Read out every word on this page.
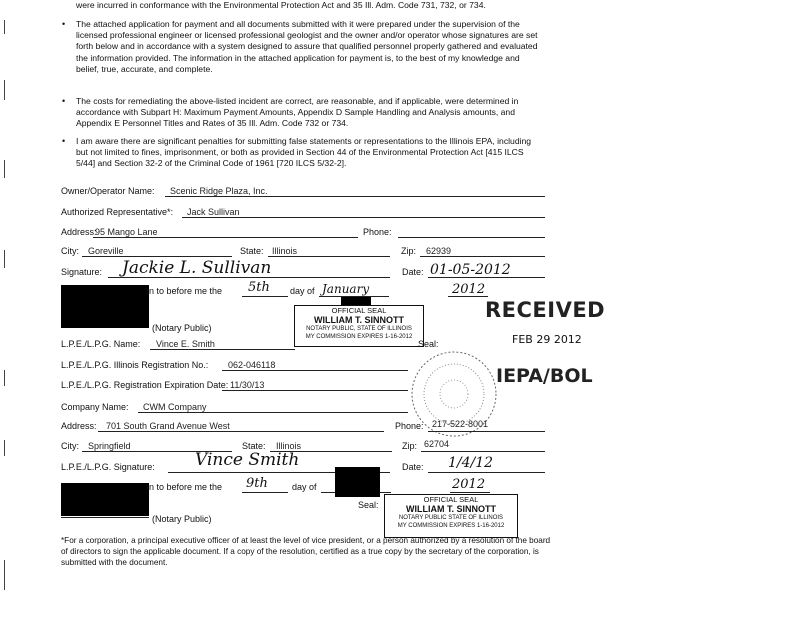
were incurred in conformance with the Environmental Protection Act and 35 Ill. Adm. Code 731, 732, or 734.
• The attached application for payment and all documents submitted with it were prepared under the supervision of the licensed professional engineer or licensed professional geologist and the owner and/or operator whose signatures are set forth below and in accordance with a system designed to assure that qualified personnel properly gathered and evaluated the information provided. The information in the attached application for payment is, to the best of my knowledge and belief, true, accurate, and complete.
• The costs for remediating the above-listed incident are correct, are reasonable, and if applicable, were determined in accordance with Subpart H: Maximum Payment Amounts, Appendix D Sample Handling and Analysis amounts, and Appendix E Personnel Titles and Rates of 35 Ill. Adm. Code 732 or 734.
• I am aware there are significant penalties for submitting false statements or representations to the Illinois EPA, including but not limited to fines, imprisonment, or both as provided in Section 44 of the Environmental Protection Act [415 ILCS 5/44] and Section 32-2 of the Criminal Code of 1961 [720 ILCS 5/32-2].
Owner/Operator Name: Scenic Ridge Plaza, Inc.
Authorized Representative*: Jack Sullivan
Address:
95 Mango Lane	Phone:
City: Goreville	State: Illinois	Zip: 62939
Signature: Jackie L. Sullivan	Date: 01-05-2012
rn to before me the 5th day of January	2012
(Notary Public)
OFFICIAL SEAL
WILLIAM T. SINNOTT
NOTARY PUBLIC, STATE OF ILLINOIS
MY COMMISSION EXPIRES 1-16-2012
RECEIVED
FEB 29 2012
IEPA/BOL
L.P.E./L.P.G. Name: Vince E. Smith	Seal:
L.P.E./L.P.G. Illinois Registration No.: 062-046118
L.P.E./L.P.G. Registration Expiration Date: 11/30/13
Company Name: CWM Company
Address: 701 South Grand Avenue West	Phone: 217-522-8001
City: Springfield	State: Illinois	Zip: 62704
L.P.E./L.P.G. Signature: Vince Smith	Date: 1/4/12
rn to before me the 9th	day of	2012
(Notary Public)
Seal:
OFFICIAL SEAL
WILLIAM T. SINNOTT
NOTARY PUBLIC STATE OF ILLINOIS
MY COMMISSION EXPIRES 1-16-2012
*For a corporation, a principal executive officer of at least the level of vice president, or a person authorized by a resolution of the board of directors to sign the applicable document. If a copy of the resolution, certified as a true copy by the secretary of the corporation, is submitted with the document.
